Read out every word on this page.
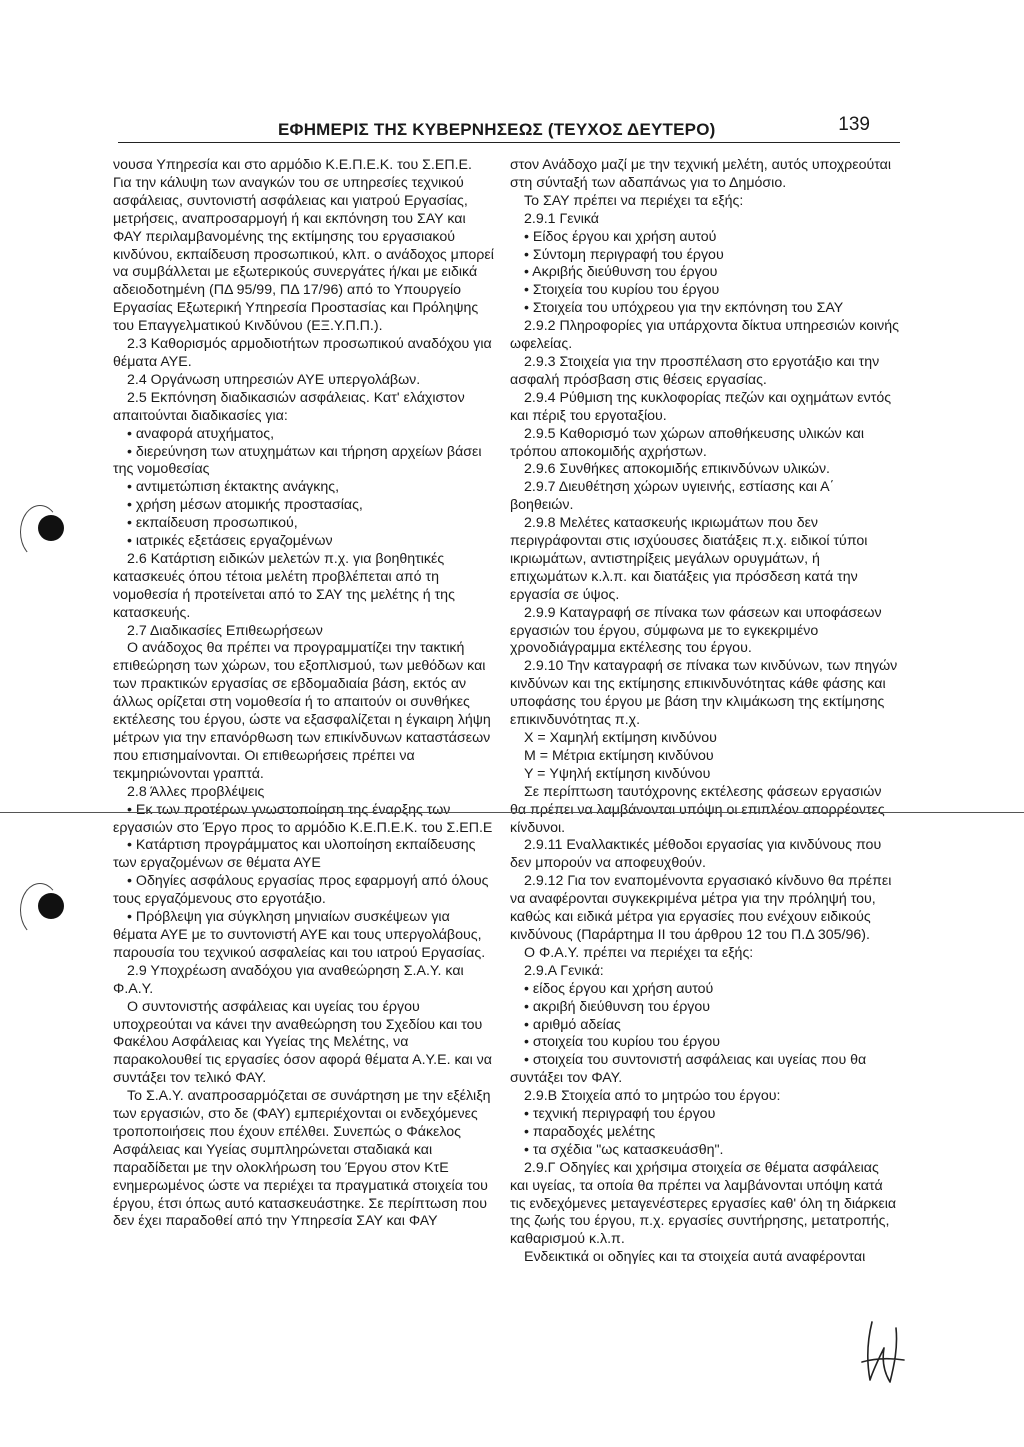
ΕΦΗΜΕΡΙΣ ΤΗΣ ΚΥΒΕΡΝΗΣΕΩΣ (ΤΕΥΧΟΣ ΔΕΥΤΕΡΟ)	139

νουσα Υπηρεσία και στο αρμόδιο Κ.Ε.Π.Ε.Κ. του Σ.ΕΠ.Ε.

Για την κάλυψη των αναγκών του σε υπηρεσίες τεχνικού ασφάλειας, συντονιστή ασφάλειας και γιατρού Εργασίας, μετρήσεις, αναπροσαρμογή ή και εκπόνηση του ΣΑΥ και ΦΑΥ περιλαμβανομένης της εκτίμησης του εργασιακού κινδύνου, εκπαίδευση προσωπικού, κλπ. ο ανάδοχος μπορεί να συμβάλλεται με εξωτερικούς συνεργάτες ή/και με ειδικά αδειοδοτημένη (ΠΔ 95/99, ΠΔ 17/96) από το Υπουργείο Εργασίας Εξωτερική Υπηρεσία Προστασίας και Πρόληψης του Επαγγελματικού Κινδύνου (ΕΞ.Υ.Π.Π.).

2.3 Καθορισμός αρμοδιοτήτων προσωπικού αναδόχου για θέματα ΑΥΕ.

2.4 Οργάνωση υπηρεσιών ΑΥΕ υπεργολάβων.

2.5 Εκπόνηση διαδικασιών ασφάλειας. Κατ' ελάχιστον απαιτούνται διαδικασίες για:

• αναφορά ατυχήματος,

• διερεύνηση των ατυχημάτων και τήρηση αρχείων βάσει της νομοθεσίας

• αντιμετώπιση έκτακτης ανάγκης,

• χρήση μέσων ατομικής προστασίας,

• εκπαίδευση προσωπικού,

• ιατρικές εξετάσεις εργαζομένων

2.6 Κατάρτιση ειδικών μελετών π.χ. για βοηθητικές κατασκευές όπου τέτοια μελέτη προβλέπεται από τη νομοθεσία ή προτείνεται από το ΣΑΥ της μελέτης ή της κατασκευής.

2.7 Διαδικασίες Επιθεωρήσεων

Ο ανάδοχος θα πρέπει να προγραμματίζει την τακτική επιθεώρηση των χώρων, του εξοπλισμού, των μεθόδων και των πρακτικών εργασίας σε εβδομαδιαία βάση, εκτός αν άλλως ορίζεται στη νομοθεσία ή το απαιτούν οι συνθήκες εκτέλεσης του έργου, ώστε να εξασφαλίζεται η έγκαιρη λήψη μέτρων για την επανόρθωση των επικίνδυνων καταστάσεων που επισημαίνονται. Οι επιθεωρήσεις πρέπει να τεκμηριώνονται γραπτά.

2.8 Άλλες προβλέψεις

• Εκ των προτέρων γνωστοποίηση της έναρξης των εργασιών στο Έργο προς το αρμόδιο Κ.Ε.Π.Ε.Κ. του Σ.ΕΠ.Ε

• Κατάρτιση προγράμματος και υλοποίηση εκπαίδευσης των εργαζομένων σε θέματα ΑΥΕ

• Οδηγίες ασφάλους εργασίας προς εφαρμογή από όλους τους εργαζόμενους στο εργοτάξιο.

• Πρόβλεψη για σύγκληση μηνιαίων συσκέψεων για θέματα ΑΥΕ με το συντονιστή ΑΥΕ και τους υπεργολάβους, παρουσία του τεχνικού ασφαλείας και του ιατρού Εργασίας.

2.9 Υποχρέωση αναδόχου για αναθεώρηση Σ.Α.Υ. και Φ.Α.Υ.

Ο συντονιστής ασφάλειας και υγείας του έργου υποχρεούται να κάνει την αναθεώρηση του Σχεδίου και του Φακέλου Ασφάλειας και Υγείας της Μελέτης, να παρακολουθεί τις εργασίες όσον αφορά θέματα Α.Υ.Ε. και να συντάξει τον τελικό ΦΑΥ.

Το Σ.Α.Υ. αναπροσαρμόζεται σε συνάρτηση με την εξέλιξη των εργασιών, στο δε (ΦΑΥ) εμπεριέχονται οι ενδεχόμενες τροποποιήσεις που έχουν επέλθει. Συνεπώς ο Φάκελος Ασφάλειας και Υγείας συμπληρώνεται σταδιακά και παραδίδεται με την ολοκλήρωση του Έργου στον ΚτΕ ενημερωμένος ώστε να περιέχει τα πραγματικά στοιχεία του έργου, έτσι όπως αυτό κατασκευάστηκε. Σε περίπτωση που δεν έχει παραδοθεί από την Υπηρεσία ΣΑΥ και ΦΑΥ

στον Ανάδοχο μαζί με την τεχνική μελέτη, αυτός υποχρεούται στη σύνταξή των αδαπάνως για το Δημόσιο.

Το ΣΑΥ πρέπει να περιέχει τα εξής:

2.9.1 Γενικά

• Είδος έργου και χρήση αυτού

• Σύντομη περιγραφή του έργου

• Ακριβής διεύθυνση του έργου

• Στοιχεία του κυρίου του έργου

• Στοιχεία του υπόχρεου για την εκπόνηση του ΣΑΥ

2.9.2 Πληροφορίες για υπάρχοντα δίκτυα υπηρεσιών κοινής ωφελείας.

2.9.3 Στοιχεία για την προσπέλαση στο εργοτάξιο και την ασφαλή πρόσβαση στις θέσεις εργασίας.

2.9.4 Ρύθμιση της κυκλοφορίας πεζών και οχημάτων εντός και πέριξ του εργοταξίου.

2.9.5 Καθορισμό των χώρων αποθήκευσης υλικών και τρόπου αποκομιδής αχρήστων.

2.9.6 Συνθήκες αποκομιδής επικινδύνων υλικών.

2.9.7 Διευθέτηση χώρων υγιεινής, εστίασης και Α΄ βοηθειών.

2.9.8 Μελέτες κατασκευής ικριωμάτων που δεν περιγράφονται στις ισχύουσες διατάξεις π.χ. ειδικοί τύποι ικριωμάτων, αντιστηρίξεις μεγάλων ορυγμάτων, ή επιχωμάτων κ.λ.π. και διατάξεις για πρόσδεση κατά την εργασία σε ύψος.

2.9.9 Καταγραφή σε πίνακα των φάσεων και υποφάσεων εργασιών του έργου, σύμφωνα με το εγκεκριμένο χρονοδιάγραμμα εκτέλεσης του έργου.

2.9.10 Την καταγραφή σε πίνακα των κινδύνων, των πηγών κινδύνων και της εκτίμησης επικινδυνότητας κάθε φάσης και υποφάσης του έργου με βάση την κλιμάκωση της εκτίμησης επικινδυνότητας π.χ.

X = Χαμηλή εκτίμηση κινδύνου

M = Μέτρια εκτίμηση κινδύνου

Y = Υψηλή εκτίμηση κινδύνου

Σε περίπτωση ταυτόχρονης εκτέλεσης φάσεων εργασιών θα πρέπει να λαμβάνονται υπόψη οι επιπλέον απορρέοντες κίνδυνοι.

2.9.11 Εναλλακτικές μέθοδοι εργασίας για κινδύνους που δεν μπορούν να αποφευχθούν.

2.9.12 Για τον εναπομένοντα εργασιακό κίνδυνο θα πρέπει να αναφέρονται συγκεκριμένα μέτρα για την πρόληψή του, καθώς και ειδικά μέτρα για εργασίες που ενέχουν ειδικούς κινδύνους (Παράρτημα ΙΙ του άρθρου 12 του Π.Δ 305/96).

Ο Φ.Α.Υ. πρέπει να περιέχει τα εξής:

2.9.Α Γενικά:

• είδος έργου και χρήση αυτού

• ακριβή διεύθυνση του έργου

• αριθμό αδείας

• στοιχεία του κυρίου του έργου

• στοιχεία του συντονιστή ασφάλειας και υγείας που θα συντάξει τον ΦΑΥ.

2.9.Β Στοιχεία από το μητρώο του έργου:

• τεχνική περιγραφή του έργου

• παραδοχές μελέτης

• τα σχέδια "ως κατασκευάσθη".

2.9.Γ Οδηγίες και χρήσιμα στοιχεία σε θέματα ασφάλειας και υγείας, τα οποία θα πρέπει να λαμβάνονται υπόψη κατά τις ενδεχόμενες μεταγενέστερες εργασίες καθ' όλη τη διάρκεια της ζωής του έργου, π.χ. εργασίες συντήρησης, μετατροπής, καθαρισμού κ.λ.π.

Ενδεικτικά οι οδηγίες και τα στοιχεία αυτά αναφέρονται
